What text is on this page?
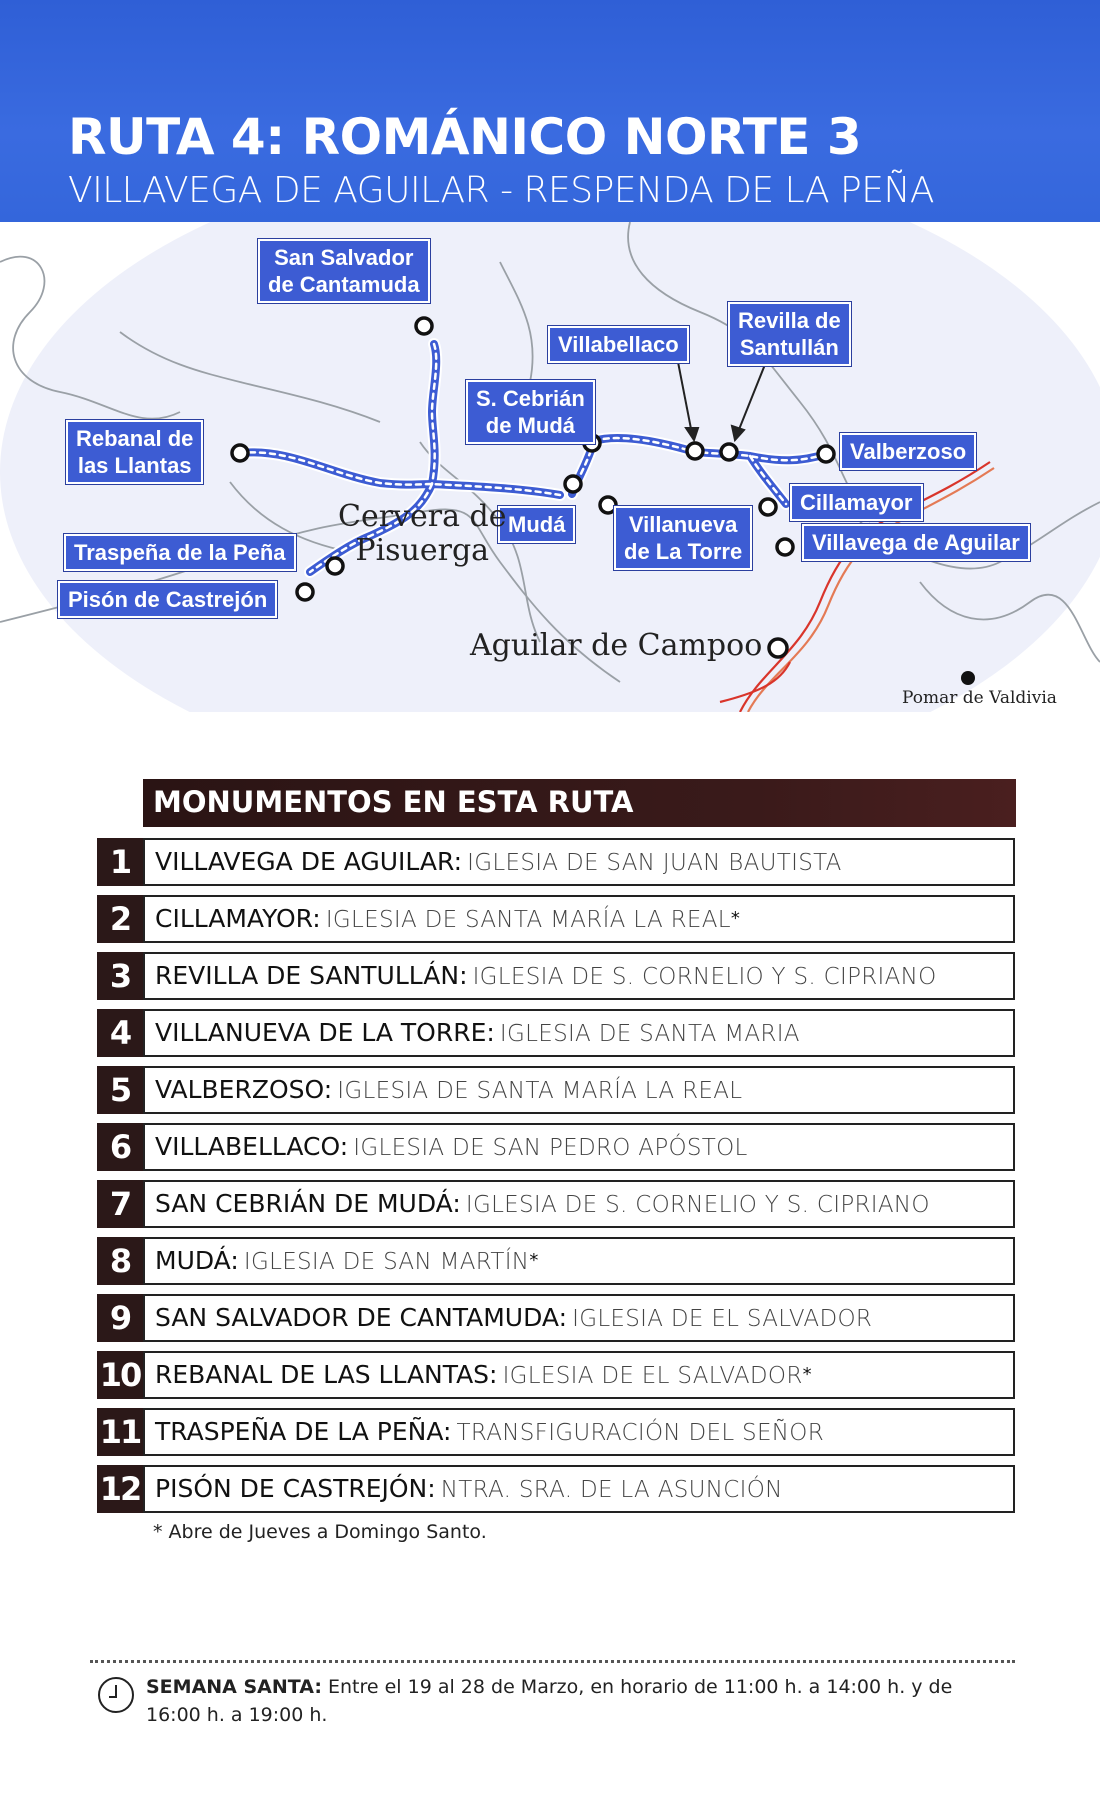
RUTA 4: ROMÁNICO NORTE 3
VILLAVEGA DE AGUILAR - RESPENDA DE LA PEÑA
San Salvador
de Cantamuda
Rebanal de
las Llantas
Traspeña de la Peña
Pisón de Castrejón
S. Cebrián
de Mudá
Mudá
Villabellaco
Revilla de
Santullán
Villanueva
de La Torre
Valberzoso
Cillamayor
Villavega de Aguilar
Cervera de
Pisuerga
Aguilar de Campoo
Pomar de Valdivia
MONUMENTOS EN ESTA RUTA
1 VILLAVEGA DE AGUILAR: IGLESIA DE SAN JUAN BAUTISTA
2 CILLAMAYOR: IGLESIA DE SANTA MARÍA LA REAL*
3 REVILLA DE SANTULLÁN: IGLESIA DE S. CORNELIO Y S. CIPRIANO
4 VILLANUEVA DE LA TORRE: IGLESIA DE SANTA MARIA
5 VALBERZOSO: IGLESIA DE SANTA MARÍA LA REAL
6 VILLABELLACO: IGLESIA DE SAN PEDRO APÓSTOL
7 SAN CEBRIÁN DE MUDÁ: IGLESIA DE S. CORNELIO Y S. CIPRIANO
8 MUDÁ: IGLESIA DE SAN MARTÍN*
9 SAN SALVADOR DE CANTAMUDA: IGLESIA DE EL SALVADOR
10 REBANAL DE LAS LLANTAS: IGLESIA DE EL SALVADOR*
11 TRASPEÑA DE LA PEÑA: TRANSFIGURACIÓN DEL SEÑOR
12 PISÓN DE CASTREJÓN: NTRA. SRA. DE LA ASUNCIÓN
* Abre de Jueves a Domingo Santo.
SEMANA SANTA: Entre el 19 al 28 de Marzo, en horario de 11:00 h. a 14:00 h. y de 16:00 h. a 19:00 h.
